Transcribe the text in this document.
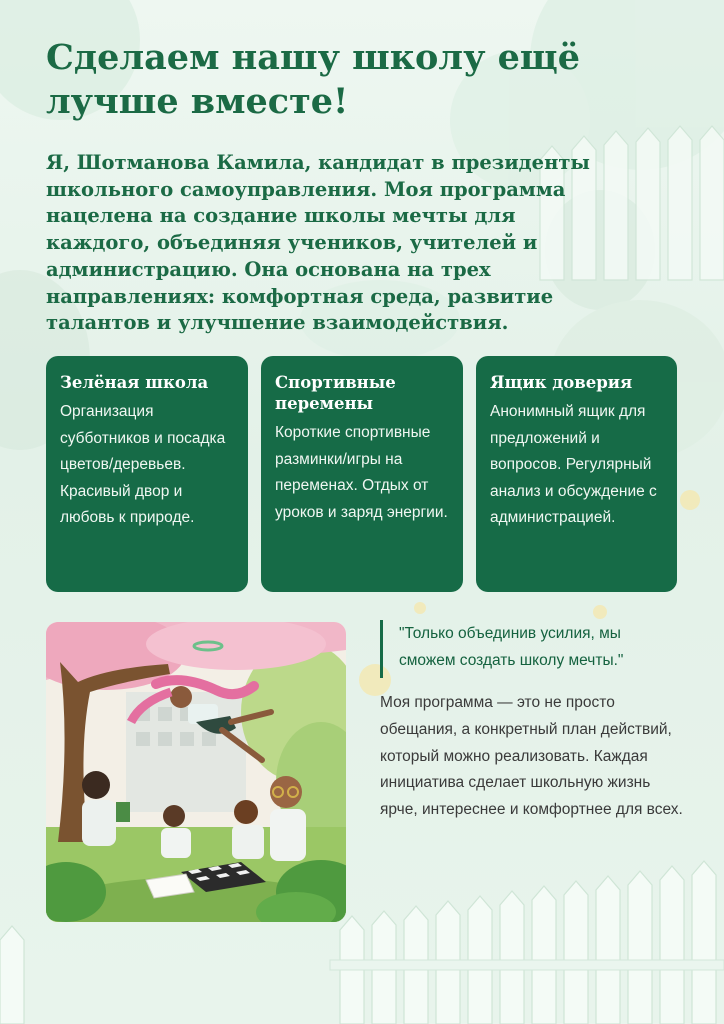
Сделаем нашу школу ещё лучше вместе!

Я, Шотманова Камила, кандидат в президенты школьного самоуправления. Моя программа нацелена на создание школы мечты для каждого, объединяя учеников, учителей и администрацию. Она основана на трех направлениях: комфортная среда, развитие талантов и улучшение взаимодействия.

Зелёная школа

Организация субботников и посадка цветов/деревьев. Красивый двор и любовь к природе.

Спортивные перемены

Короткие спортивные разминки/игры на переменах. Отдых от уроков и заряд энергии.

Ящик доверия

Анонимный ящик для предложений и вопросов. Регулярный анализ и обсуждение с администрацией.

"Только объединив усилия, мы сможем создать школу мечты."

Моя программа — это не просто обещания, а конкретный план действий, который можно реализовать. Каждая инициатива сделает школьную жизнь ярче, интереснее и комфортнее для всех.
